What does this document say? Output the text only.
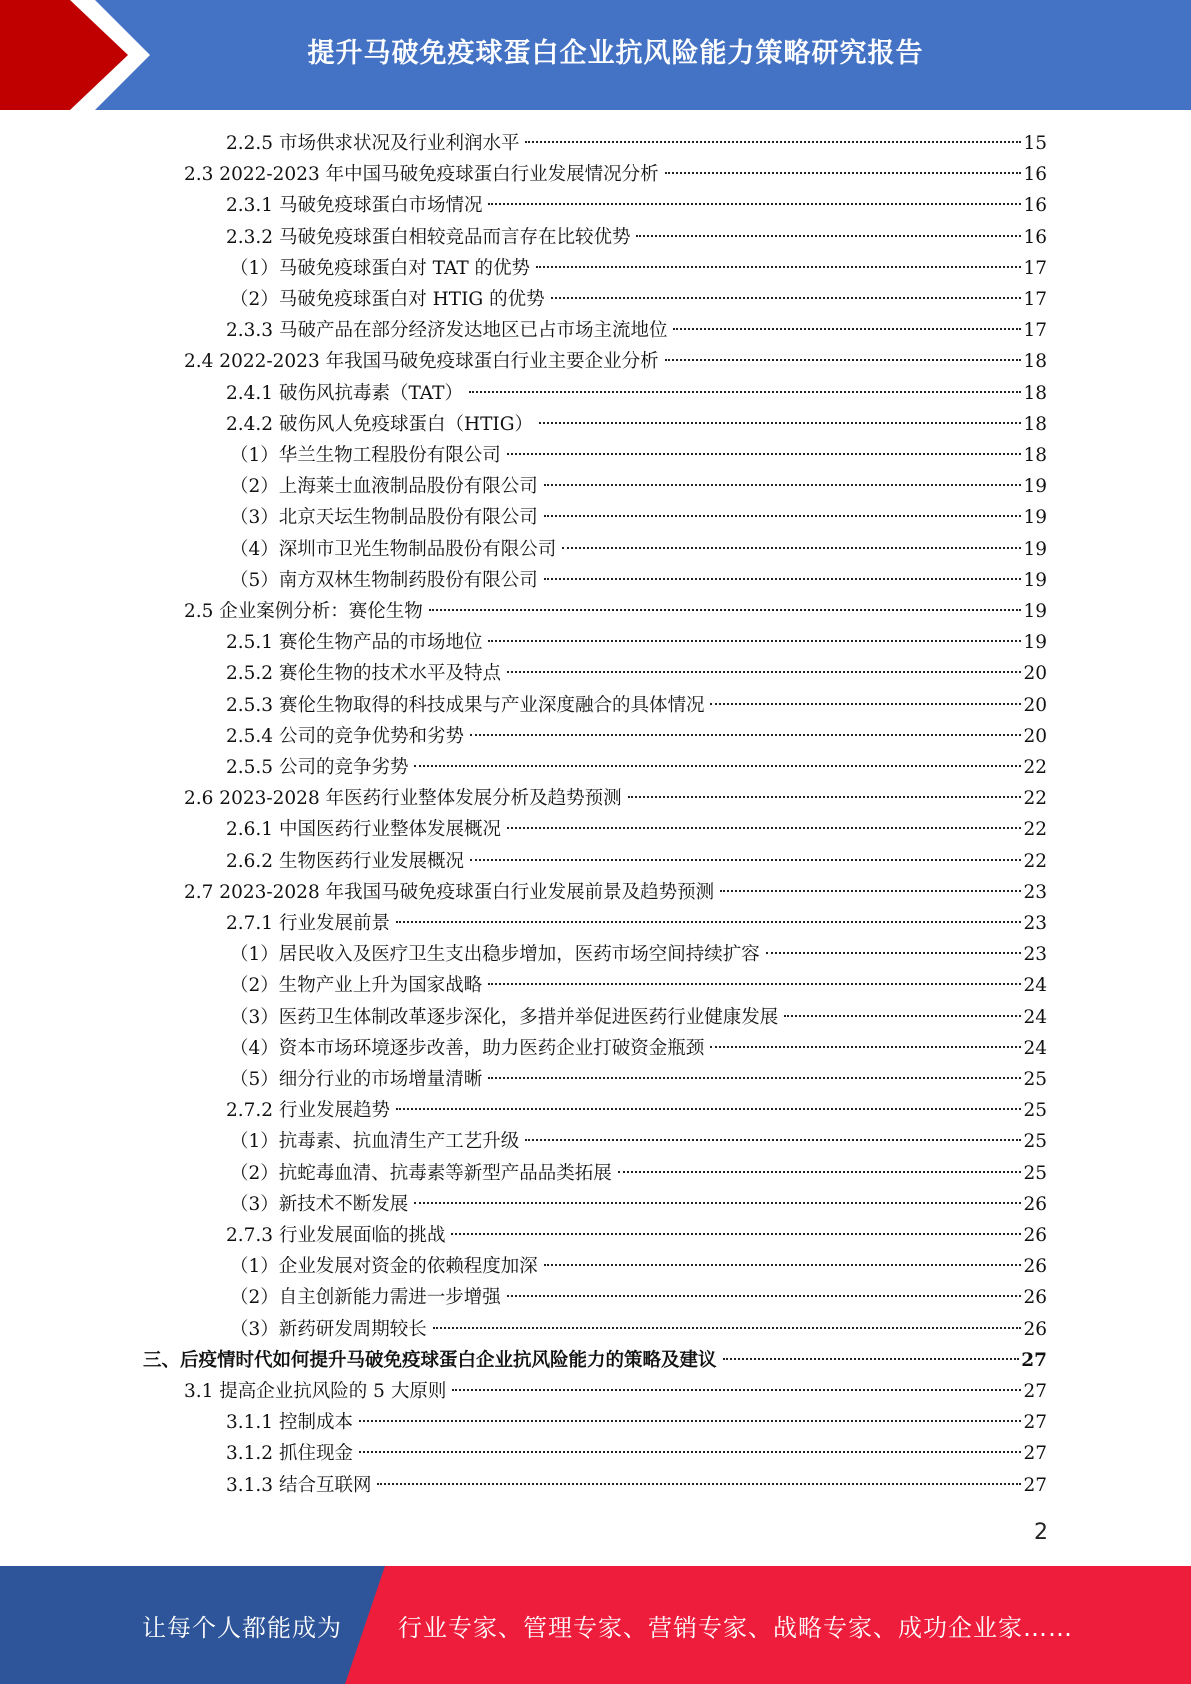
提升马破免疫球蛋白企业抗风险能力策略研究报告
2.2.5 市场供求状况及行业利润水平	15
2.3 2022-2023 年中国马破免疫球蛋白行业发展情况分析	16
2.3.1 马破免疫球蛋白市场情况	16
2.3.2 马破免疫球蛋白相较竞品而言存在比较优势	16
（1）马破免疫球蛋白对 TAT 的优势	17
（2）马破免疫球蛋白对 HTIG 的优势	17
2.3.3 马破产品在部分经济发达地区已占市场主流地位	17
2.4 2022-2023 年我国马破免疫球蛋白行业主要企业分析	18
2.4.1 破伤风抗毒素（TAT）	18
2.4.2 破伤风人免疫球蛋白（HTIG）	18
（1）华兰生物工程股份有限公司	18
（2）上海莱士血液制品股份有限公司	19
（3）北京天坛生物制品股份有限公司	19
（4）深圳市卫光生物制品股份有限公司	19
（5）南方双林生物制药股份有限公司	19
2.5 企业案例分析：赛伦生物	19
2.5.1 赛伦生物产品的市场地位	19
2.5.2 赛伦生物的技术水平及特点	20
2.5.3 赛伦生物取得的科技成果与产业深度融合的具体情况	20
2.5.4 公司的竞争优势和劣势	20
2.5.5 公司的竞争劣势	22
2.6 2023-2028 年医药行业整体发展分析及趋势预测	22
2.6.1 中国医药行业整体发展概况	22
2.6.2 生物医药行业发展概况	22
2.7 2023-2028 年我国马破免疫球蛋白行业发展前景及趋势预测	23
2.7.1 行业发展前景	23
（1）居民收入及医疗卫生支出稳步增加，医药市场空间持续扩容	23
（2）生物产业上升为国家战略	24
（3）医药卫生体制改革逐步深化，多措并举促进医药行业健康发展	24
（4）资本市场环境逐步改善，助力医药企业打破资金瓶颈	24
（5）细分行业的市场增量清晰	25
2.7.2 行业发展趋势	25
（1）抗毒素、抗血清生产工艺升级	25
（2）抗蛇毒血清、抗毒素等新型产品品类拓展	25
（3）新技术不断发展	26
2.7.3 行业发展面临的挑战	26
（1）企业发展对资金的依赖程度加深	26
（2）自主创新能力需进一步增强	26
（3）新药研发周期较长	26
三、后疫情时代如何提升马破免疫球蛋白企业抗风险能力的策略及建议	27
3.1 提高企业抗风险的 5 大原则	27
3.1.1 控制成本	27
3.1.2 抓住现金	27
3.1.3 结合互联网	27
2
让每个人都能成为 行业专家、管理专家、营销专家、战略专家、成功企业家……
